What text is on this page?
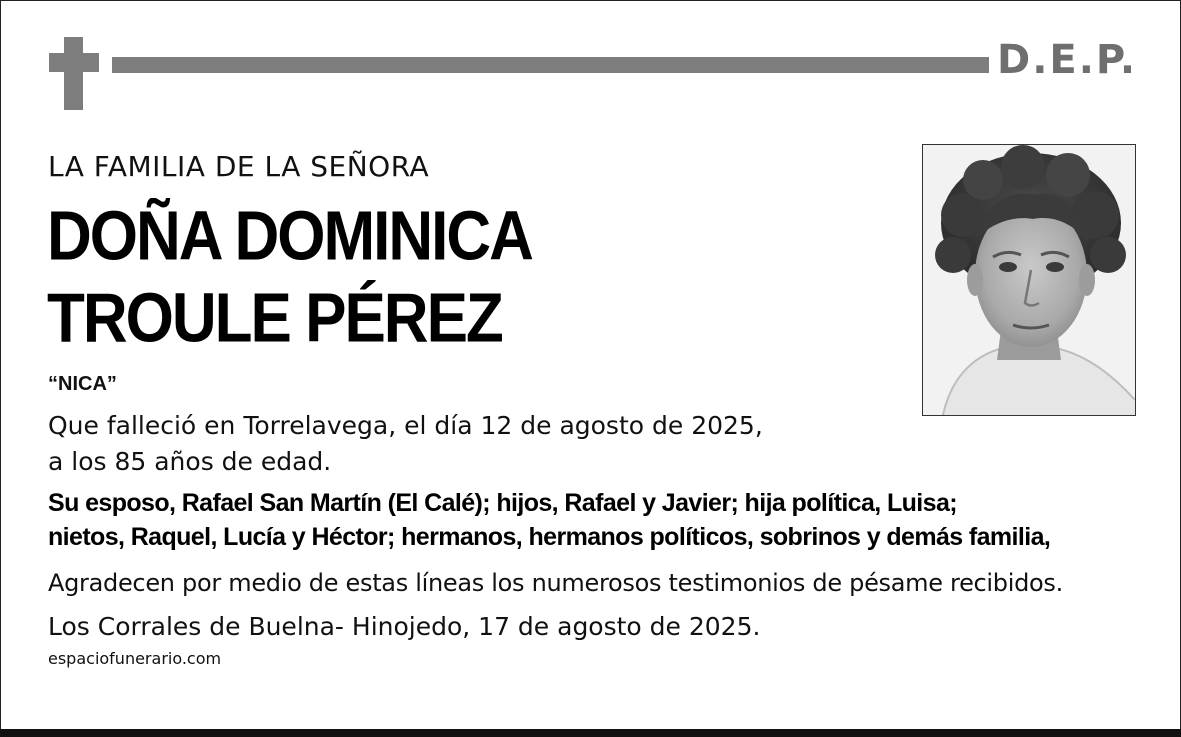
D.E.P.
LA FAMILIA DE LA SEÑORA
DOÑA DOMINICA
TROULE PÉREZ
“NICA”
Que falleció en Torrelavega, el día 12 de agosto de 2025,
a los 85 años de edad.
Su esposo, Rafael San Martín (El Calé); hijos, Rafael y Javier; hija política, Luisa;
nietos, Raquel, Lucía y Héctor; hermanos, hermanos políticos, sobrinos y demás familia,
Agradecen por medio de estas líneas los numerosos testimonios de pésame recibidos.
Los Corrales de Buelna- Hinojedo, 17 de agosto de 2025.
espaciofunerario.com
